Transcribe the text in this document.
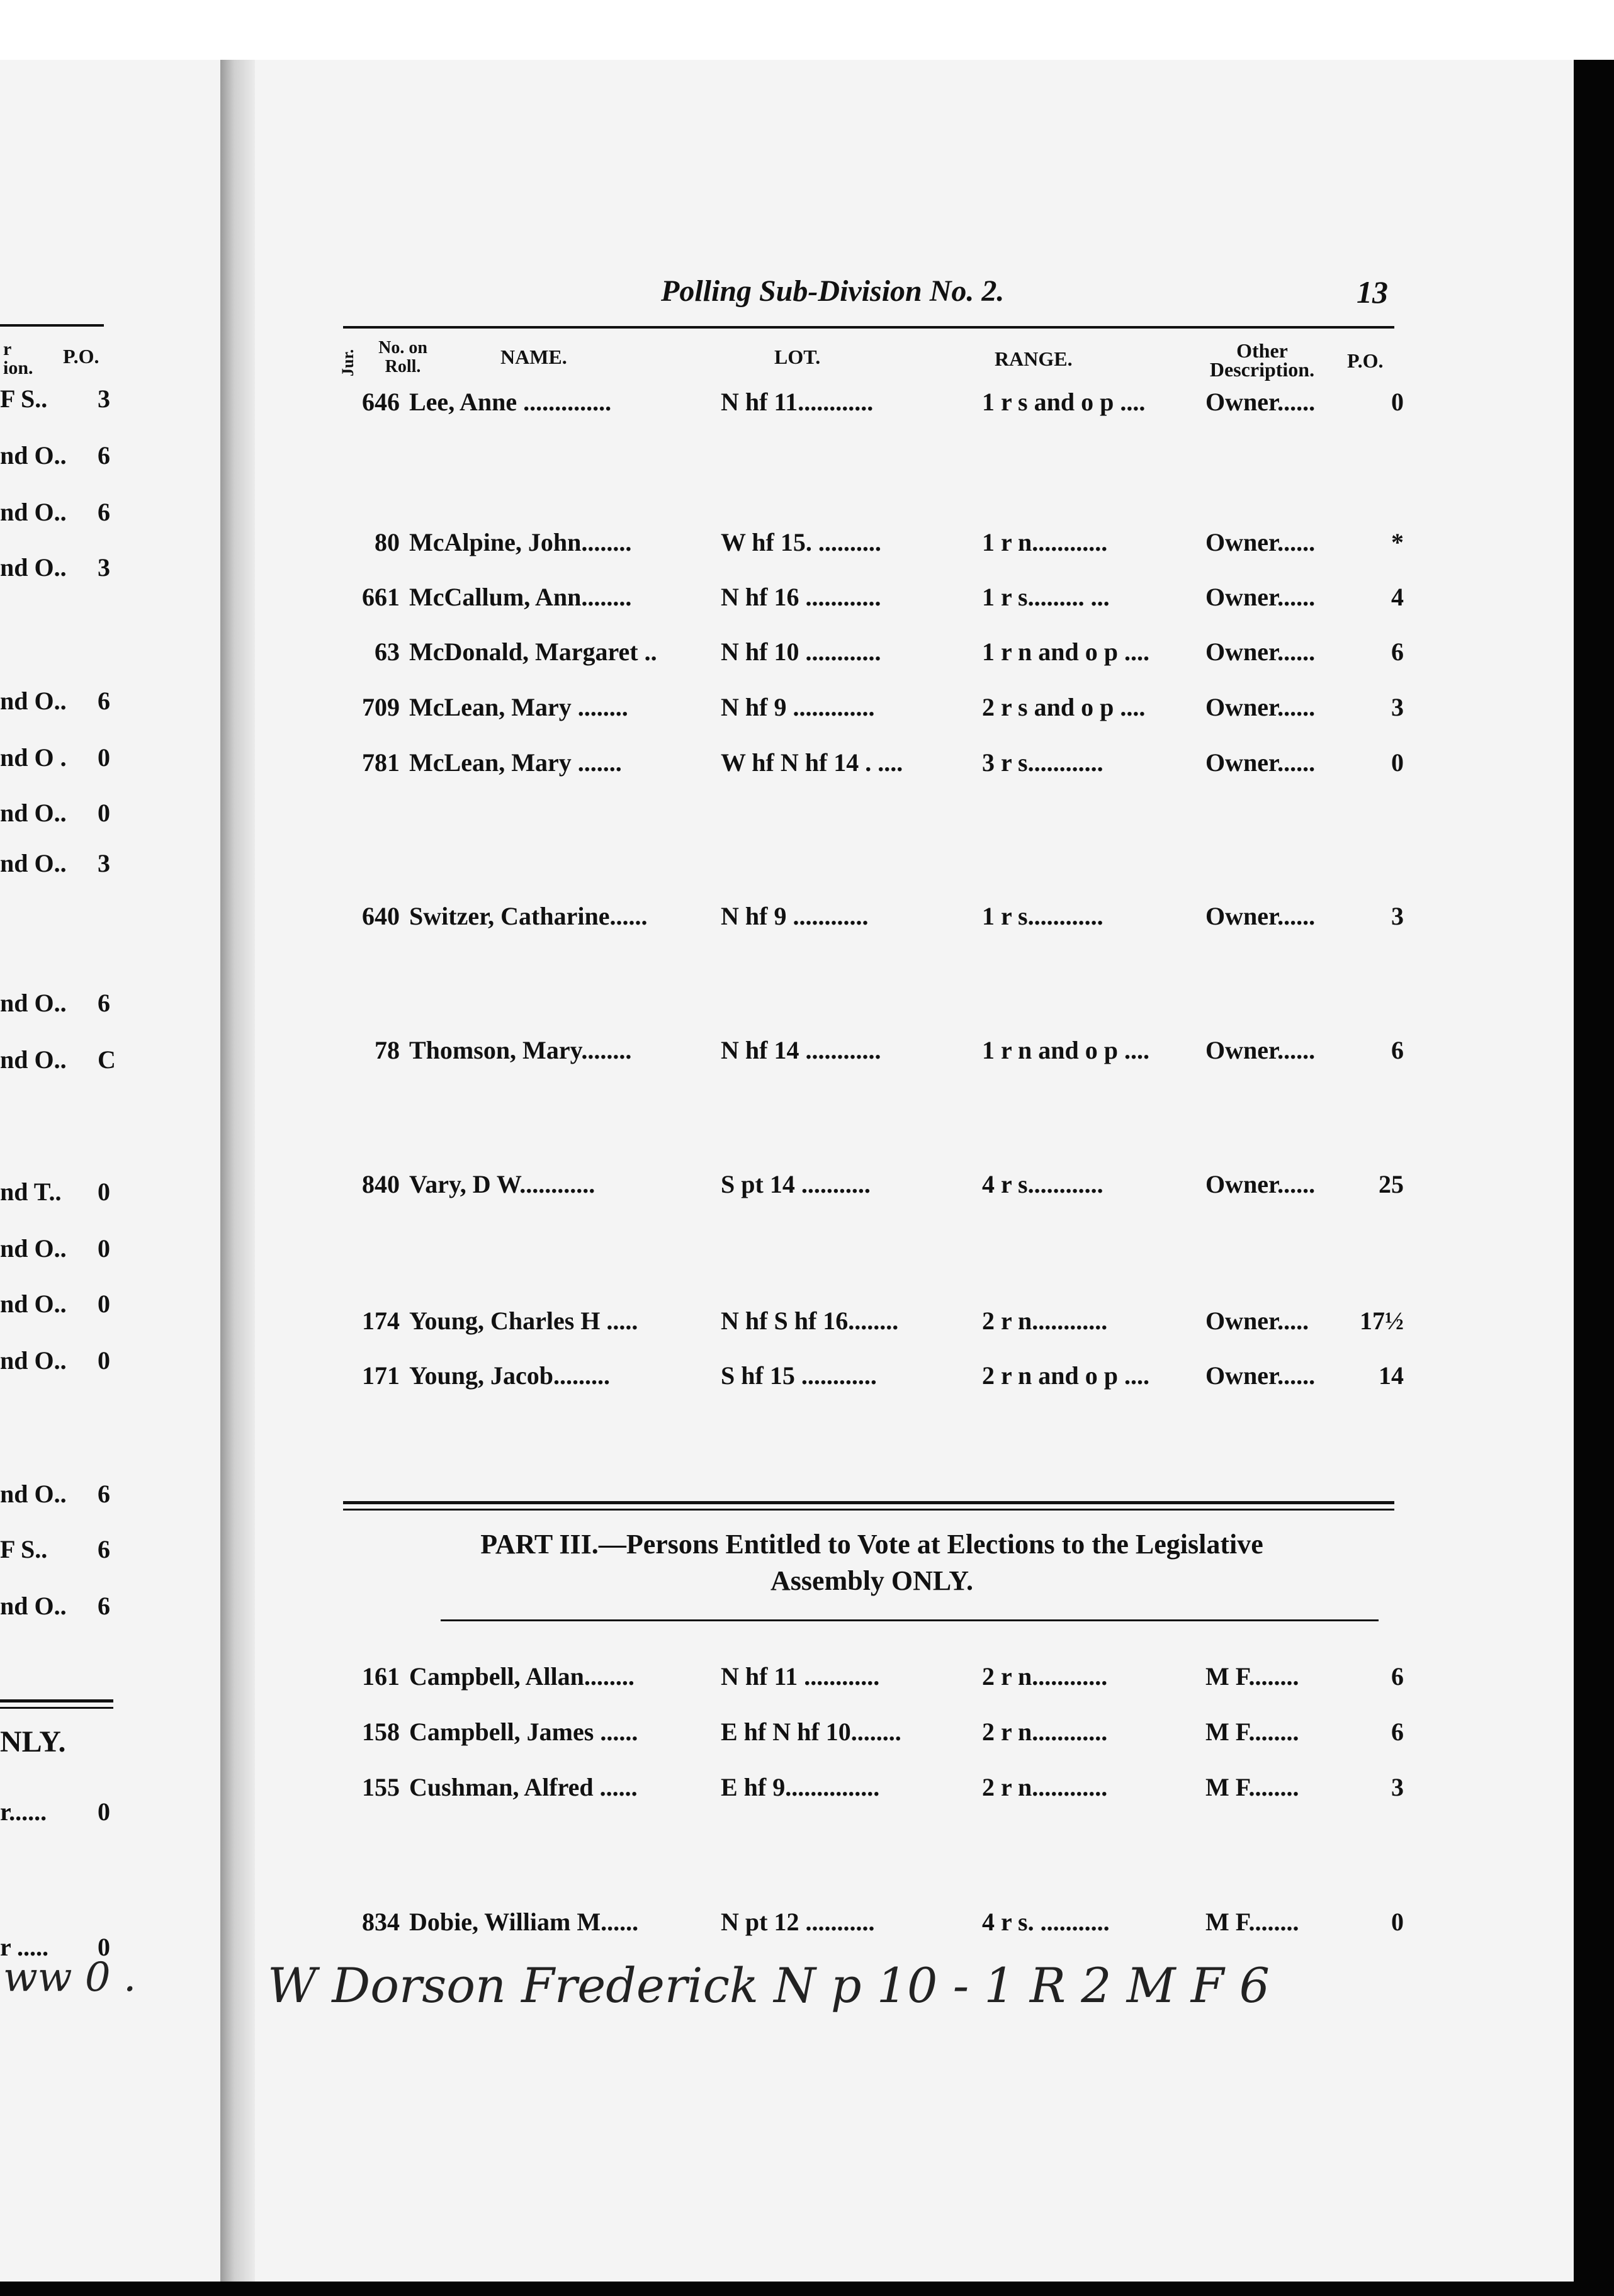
r
ion.
P.O.
F S.. 3
nd O.. 6
nd O.. 6
nd O.. 3
nd O.. 6
nd O . 0
nd O.. 0
nd O.. 3
nd O.. 6
nd O.. C
nd T.. 0
nd O.. 0
nd O.. 0
nd O.. 0
nd O.. 6
F S.. 6
nd O.. 6
NLY.
r...... 0
r ..... 0
ww 0 .
Polling Sub-Division No. 2.	13
Jur.
No. on Roll.	NAME.	LOT.	RANGE.	Other Description.	P.O.
646 Lee, Anne ..............	N hf 11............	1 r s and o p .... Owner......	0
80 McAlpine, John........	W hf 15. ..........	1 r n............	Owner......	*
661 McCallum, Ann........	N hf 16 ............	1 r s......... ...	Owner......	4
63 McDonald, Margaret ..	N hf 10 ............	1 r n and o p .... Owner......	6
709 McLean, Mary ........	N hf 9 .............	2 r s and o p .... Owner......	3
781 McLean, Mary .......	W hf N hf 14 . ....	3 r s............	Owner......	0
640 Switzer, Catharine......	N hf 9 ............	1 r s............	Owner......	3
78 Thomson, Mary........	N hf 14 ............	1 r n and o p .... Owner......	6
840 Vary, D W............	S pt 14 ...........	4 r s............	Owner......	25
174 Young, Charles H .....	N hf S hf 16........	2 r n............	Owner..... 17½
171 Young, Jacob.........	S hf 15 ............	2 r n and o p .... Owner......	14
PART III.—Persons Entitled to Vote at Elections to the Legislative
Assembly ONLY.
161 Campbell, Allan........	N hf 11 ............	2 r n............	M F........	6
158 Campbell, James ......	E hf N hf 10........	2 r n............	M F........	6
155 Cushman, Alfred ......	E hf 9...............	2 r n............	M F........	3
834 Dobie, William M......	N pt 12 ...........	4 r s. ...........	M F........	0
W Dorson Frederick N p 10 - 1 R 2 M F 6
